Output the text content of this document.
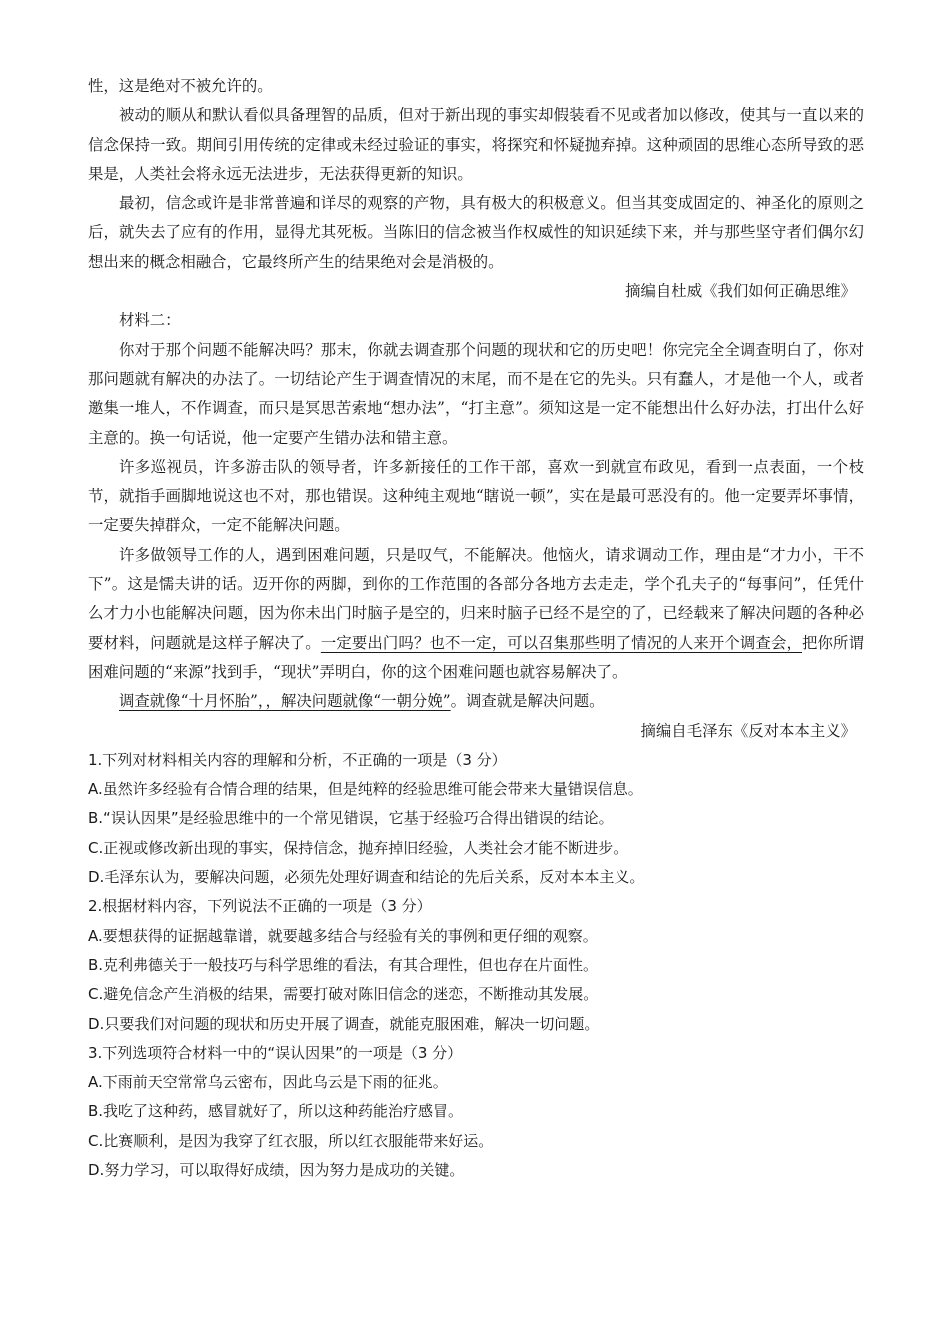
性，这是绝对不被允许的。

被动的顺从和默认看似具备理智的品质，但对于新出现的事实却假装看不见或者加以修改，使其与一直以来的信念保持一致。期间引用传统的定律或未经过验证的事实，将探究和怀疑抛弃掉。这种顽固的思维心态所导致的恶果是，人类社会将永远无法进步，无法获得更新的知识。

最初，信念或许是非常普遍和详尽的观察的产物，具有极大的积极意义。但当其变成固定的、神圣化的原则之后，就失去了应有的作用，显得尤其死板。当陈旧的信念被当作权威性的知识延续下来，并与那些坚守者们偶尔幻想出来的概念相融合，它最终所产生的结果绝对会是消极的。

摘编自杜威《我们如何正确思维》

材料二：

你对于那个问题不能解决吗？那末，你就去调查那个问题的现状和它的历史吧！你完完全全调查明白了，你对那问题就有解决的办法了。一切结论产生于调查情况的末尾，而不是在它的先头。只有蠢人，才是他一个人，或者邀集一堆人，不作调查，而只是冥思苦索地“想办法”，“打主意”。须知这是一定不能想出什么好办法，打出什么好主意的。换一句话说，他一定要产生错办法和错主意。

许多巡视员，许多游击队的领导者，许多新接任的工作干部，喜欢一到就宣布政见，看到一点表面，一个枝节，就指手画脚地说这也不对，那也错误。这种纯主观地“瞎说一顿”，实在是最可恶没有的。他一定要弄坏事情，一定要失掉群众，一定不能解决问题。

许多做领导工作的人，遇到困难问题，只是叹气，不能解决。他恼火，请求调动工作，理由是“才力小，干不下”。这是懦夫讲的话。迈开你的两脚，到你的工作范围的各部分各地方去走走，学个孔夫子的“每事问”，任凭什么才力小也能解决问题，因为你未出门时脑子是空的，归来时脑子已经不是空的了，已经载来了解决问题的各种必要材料，问题就是这样子解决了。一定要出门吗？也不一定，可以召集那些明了情况的人来开个调查会，把你所谓困难问题的“来源”找到手，“现状”弄明白，你的这个困难问题也就容易解决了。

调查就像“十月怀胎”，，解决问题就像“一朝分娩”。调查就是解决问题。

摘编自毛泽东《反对本本主义》

1.下列对材料相关内容的理解和分析，不正确的一项是（3 分）

A.虽然许多经验有合情合理的结果，但是纯粹的经验思维可能会带来大量错误信息。

B.“误认因果”是经验思维中的一个常见错误，它基于经验巧合得出错误的结论。

C.正视或修改新出现的事实，保持信念，抛弃掉旧经验，人类社会才能不断进步。

D.毛泽东认为，要解决问题，必须先处理好调查和结论的先后关系，反对本本主义。

2.根据材料内容，下列说法不正确的一项是（3 分）

A.要想获得的证据越靠谱，就要越多结合与经验有关的事例和更仔细的观察。

B.克利弗德关于一般技巧与科学思维的看法，有其合理性，但也存在片面性。

C.避免信念产生消极的结果，需要打破对陈旧信念的迷恋，不断推动其发展。

D.只要我们对问题的现状和历史开展了调查，就能克服困难，解决一切问题。

3.下列选项符合材料一中的“误认因果”的一项是（3 分）

A.下雨前天空常常乌云密布，因此乌云是下雨的征兆。

B.我吃了这种药，感冒就好了，所以这种药能治疗感冒。

C.比赛顺利，是因为我穿了红衣服，所以红衣服能带来好运。

D.努力学习，可以取得好成绩，因为努力是成功的关键。
